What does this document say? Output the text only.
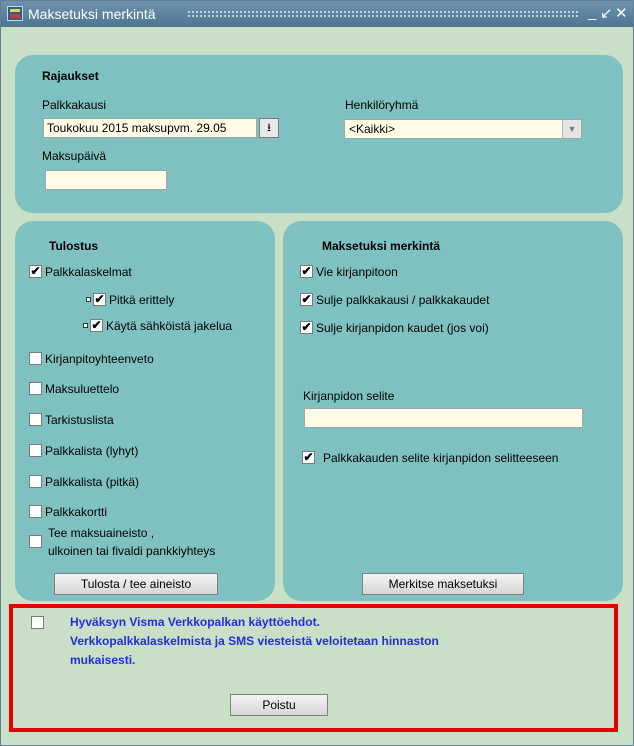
Maksetuksi merkintä	_ ↙ ✕
Rajaukset
Palkkakausi
Toukokuu 2015 maksupvm. 29.05	⭳
Henkilöryhmä
<Kaikki>	▼
Maksupäivä
Tulostus
✔ Palkkalaskelmat
✔ Pitkä erittely
✔ Käytä sähköistä jakelua
Kirjanpitoyhteenveto
Maksuluettelo
Tarkistuslista
Palkkalista (lyhyt)
Palkkalista (pitkä)
Palkkakortti
Tee maksuaineisto ,
ulkoinen tai fivaldi pankkiyhteys
Tulosta / tee aineisto
Maksetuksi merkintä
✔ Vie kirjanpitoon
✔ Sulje palkkakausi / palkkakaudet
✔ Sulje kirjanpidon kaudet (jos voi)
Kirjanpidon selite
✔ Palkkakauden selite kirjanpidon selitteeseen
Merkitse maksetuksi
Hyväksyn Visma Verkkopalkan käyttöehdot.
Verkkopalkkalaskelmista ja SMS viesteistä veloitetaan hinnaston
mukaisesti.
Poistu
